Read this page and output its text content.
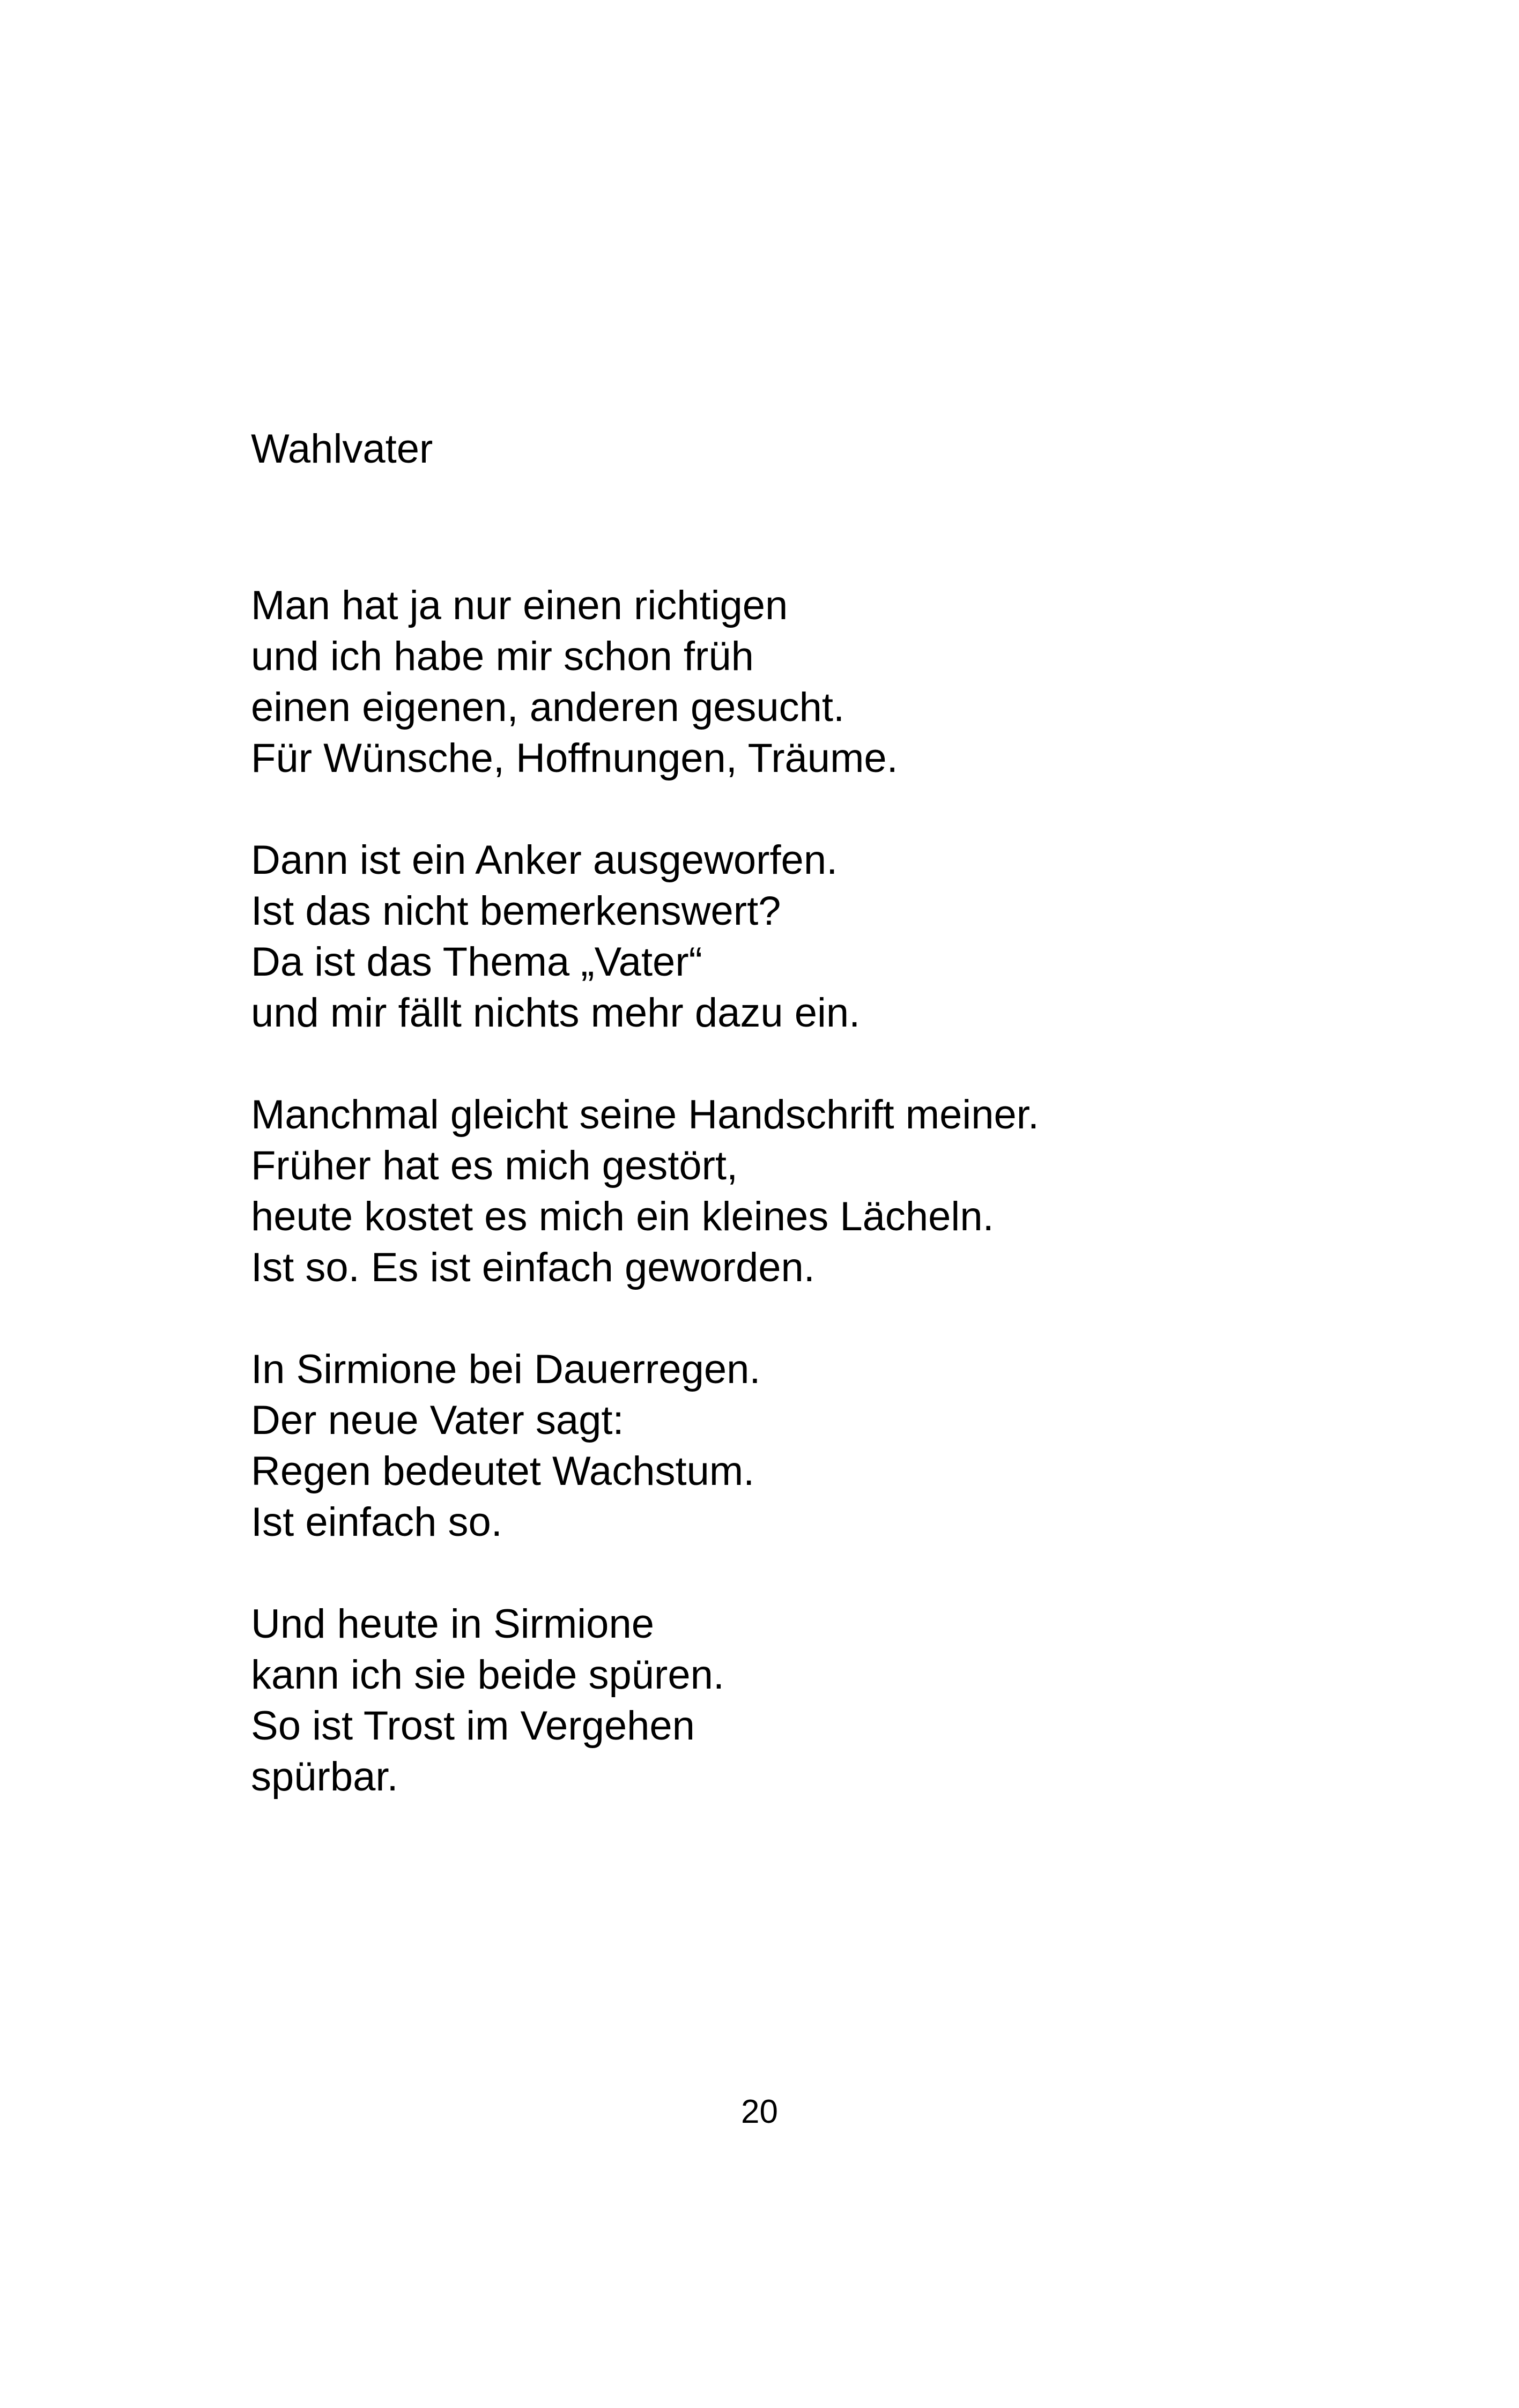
Wahlvater
Man hat ja nur einen richtigen
und ich habe mir schon früh
einen eigenen, anderen gesucht.
Für Wünsche, Hoffnungen, Träume.
Dann ist ein Anker ausgeworfen.
Ist das nicht bemerkenswert?
Da ist das Thema „Vater“
und mir fällt nichts mehr dazu ein.
Manchmal gleicht seine Handschrift meiner.
Früher hat es mich gestört,
heute kostet es mich ein kleines Lächeln.
Ist so. Es ist einfach geworden.
In Sirmione bei Dauerregen.
Der neue Vater sagt:
Regen bedeutet Wachstum.
Ist einfach so.
Und heute in Sirmione
kann ich sie beide spüren.
So ist Trost im Vergehen
spürbar.
20
